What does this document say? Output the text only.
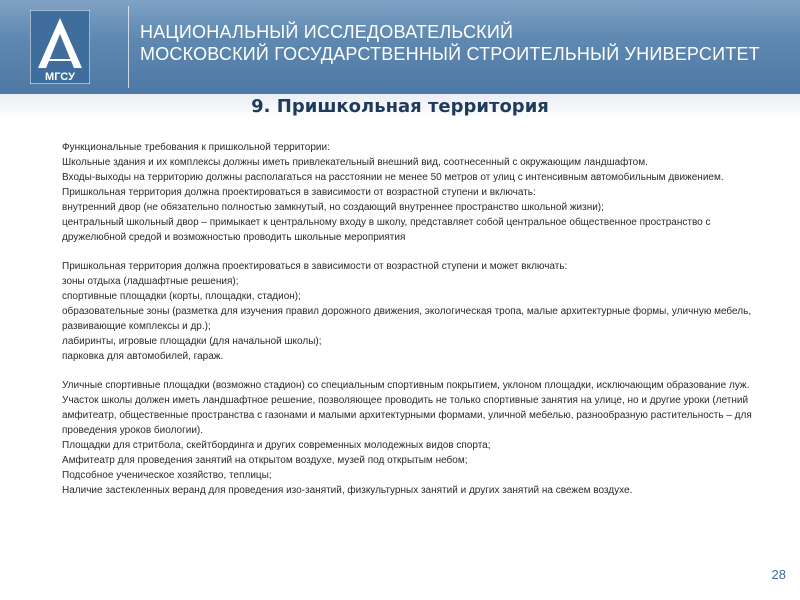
МГСУ
НАЦИОНАЛЬНЫЙ ИССЛЕДОВАТЕЛЬСКИЙ
МОСКОВСКИЙ ГОСУДАРСТВЕННЫЙ СТРОИТЕЛЬНЫЙ УНИВЕРСИТЕТ
9. Пришкольная территория

Функциональные требования к пришкольной территории:

Школьные здания и их комплексы должны иметь привлекательный внешний вид, соотнесенный с окружающим ландшафтом.

Входы-выходы на территорию должны располагаться на расстоянии не менее 50 метров от улиц с интенсивным автомобильным движением.

Пришкольная территория должна проектироваться в зависимости от возрастной ступени и включать:

внутренний двор (не обязательно полностью замкнутый, но создающий внутреннее пространство школьной жизни);

центральный школьный двор – примыкает к центральному входу в школу, представляет собой центральное общественное пространство с дружелюбной средой и возможностью проводить школьные мероприятия

Пришкольная территория должна проектироваться в зависимости от возрастной ступени и может включать:

зоны отдыха (ладшафтные решения);

спортивные площадки (корты, площадки, стадион);

образовательные зоны (разметка для изучения правил дорожного движения, экологическая тропа, малые архитектурные формы, уличную мебель, развивающие комплексы и др.);

лабиринты, игровые площадки (для начальной школы);

парковка для автомобилей, гараж.

Уличные спортивные площадки (возможно стадион) со специальным спортивным покрытием, уклоном площадки, исключающим образование луж. Участок школы должен иметь ландшафтное решение, позволяющее проводить не только спортивные занятия на улице, но и другие уроки (летний амфитеатр, общественные пространства с газонами и малыми архитектурными формами, уличной мебелью, разнообразную растительность – для проведения уроков биологии).

Площадки для стритбола, скейтбординга и других современных молодежных видов спорта;

Амфитеатр для проведения занятий на открытом воздухе, музей под открытым небом;

Подсобное ученическое хозяйство, теплицы;

Наличие застекленных веранд для проведения изо-занятий, физкультурных занятий и других занятий на свежем воздухе.

28
